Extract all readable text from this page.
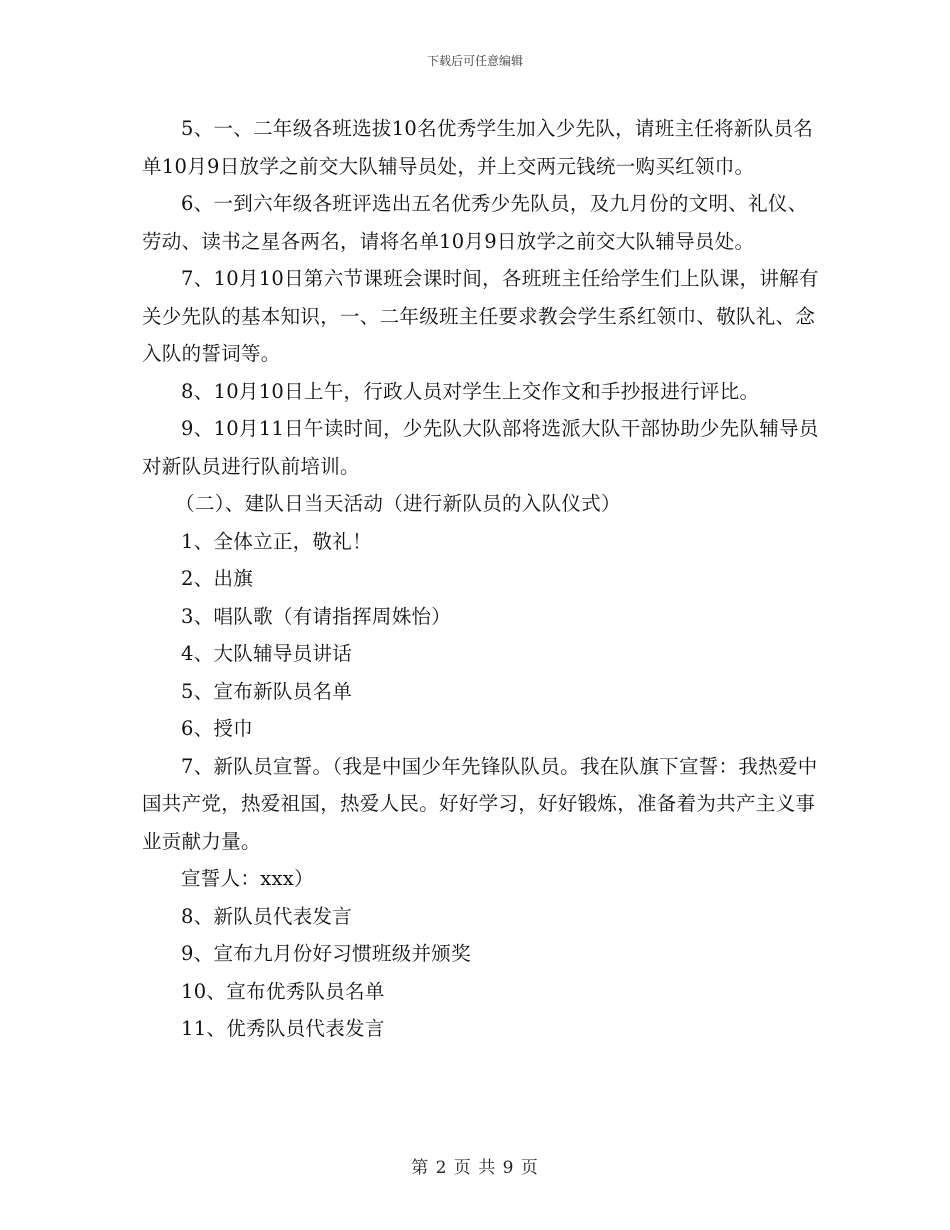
下载后可任意编辑

5、一、二年级各班选拔10名优秀学生加入少先队，请班主任将新队员名单10月9日放学之前交大队辅导员处，并上交两元钱统一购买红领巾。

6、一到六年级各班评选出五名优秀少先队员，及九月份的文明、礼仪、劳动、读书之星各两名，请将名单10月9日放学之前交大队辅导员处。

7、10月10日第六节课班会课时间，各班班主任给学生们上队课，讲解有关少先队的基本知识，一、二年级班主任要求教会学生系红领巾、敬队礼、念入队的誓词等。

8、10月10日上午，行政人员对学生上交作文和手抄报进行评比。

9、10月11日午读时间，少先队大队部将选派大队干部协助少先队辅导员对新队员进行队前培训。

（二）、建队日当天活动（进行新队员的入队仪式）

1、全体立正，敬礼！

2、出旗

3、唱队歌（有请指挥周姝怡）

4、大队辅导员讲话

5、宣布新队员名单

6、授巾

7、新队员宣誓。（我是中国少年先锋队队员。我在队旗下宣誓：我热爱中国共产党，热爱祖国，热爱人民。好好学习，好好锻炼，准备着为共产主义事业贡献力量。

宣誓人：xxx）

8、新队员代表发言

9、宣布九月份好习惯班级并颁奖

10、宣布优秀队员名单

11、优秀队员代表发言

第 2 页 共 9 页
